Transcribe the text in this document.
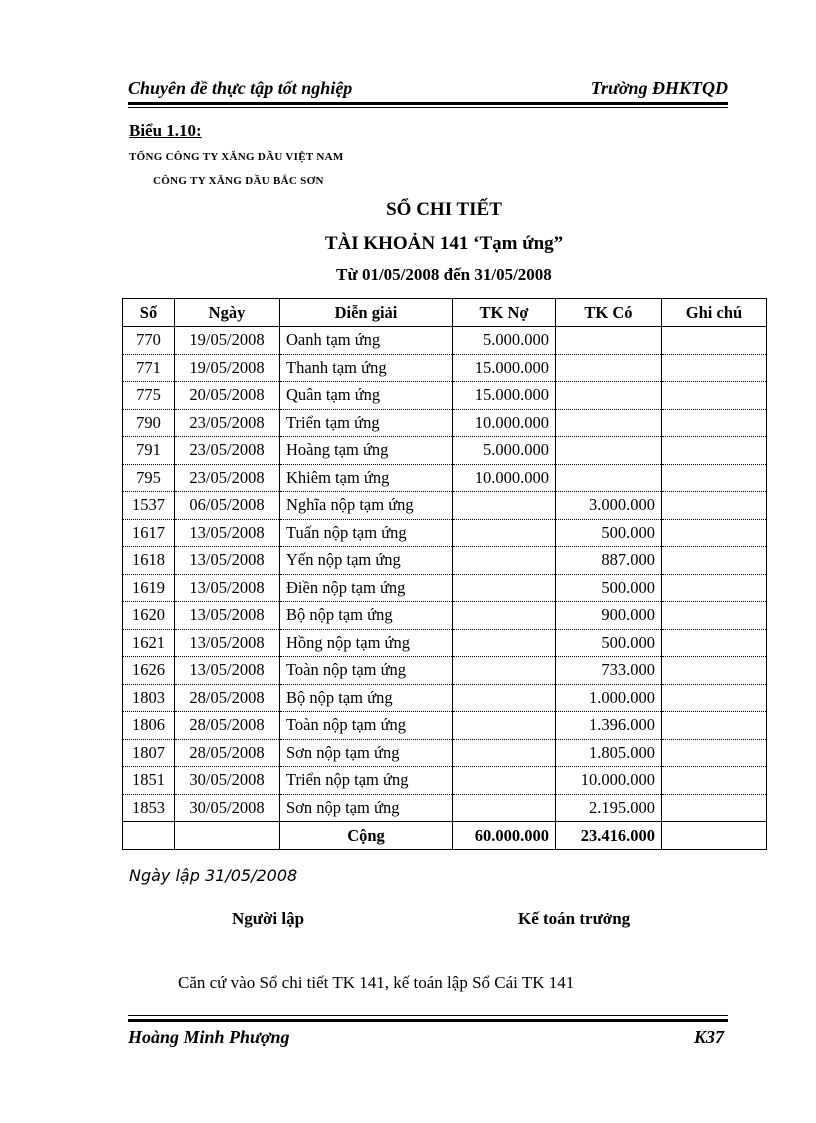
Chuyên đề thực tập tốt nghiệp	Trường ĐHKTQD
Biểu 1.10:
TỔNG CÔNG TY XĂNG DẦU VIỆT NAM
CÔNG TY XĂNG DẦU BẮC SƠN
SỔ CHI TIẾT
TÀI KHOẢN 141 ‘Tạm ứng”
Từ 01/05/2008 đến 31/05/2008
Số	Ngày	Diễn giải	TK Nợ	TK Có	Ghi chú
770	19/05/2008	Oanh tạm ứng	5.000.000		
771	19/05/2008	Thanh tạm ứng	15.000.000		
775	20/05/2008	Quân tạm ứng	15.000.000		
790	23/05/2008	Triển tạm ứng	10.000.000		
791	23/05/2008	Hoàng tạm ứng	5.000.000		
795	23/05/2008	Khiêm tạm ứng	10.000.000		
1537	06/05/2008	Nghĩa nộp tạm ứng		3.000.000	
1617	13/05/2008	Tuấn nộp tạm ứng		500.000	
1618	13/05/2008	Yến nộp tạm ứng		887.000	
1619	13/05/2008	Điền nộp tạm ứng		500.000	
1620	13/05/2008	Bộ nộp tạm ứng		900.000	
1621	13/05/2008	Hồng nộp tạm ứng		500.000	
1626	13/05/2008	Toàn nộp tạm ứng		733.000	
1803	28/05/2008	Bộ nộp tạm ứng		1.000.000	
1806	28/05/2008	Toàn nộp tạm ứng		1.396.000	
1807	28/05/2008	Sơn nộp tạm ứng		1.805.000	
1851	30/05/2008	Triển nộp tạm ứng		10.000.000	
1853	30/05/2008	Sơn nộp tạm ứng		2.195.000	
		Cộng	60.000.000	23.416.000	
Ngày lập 31/05/2008
Người lập	Kế toán trưởng
Căn cứ vào Sổ chi tiết TK 141, kế toán lập Sổ Cái TK 141
Hoàng Minh Phượng	K37
